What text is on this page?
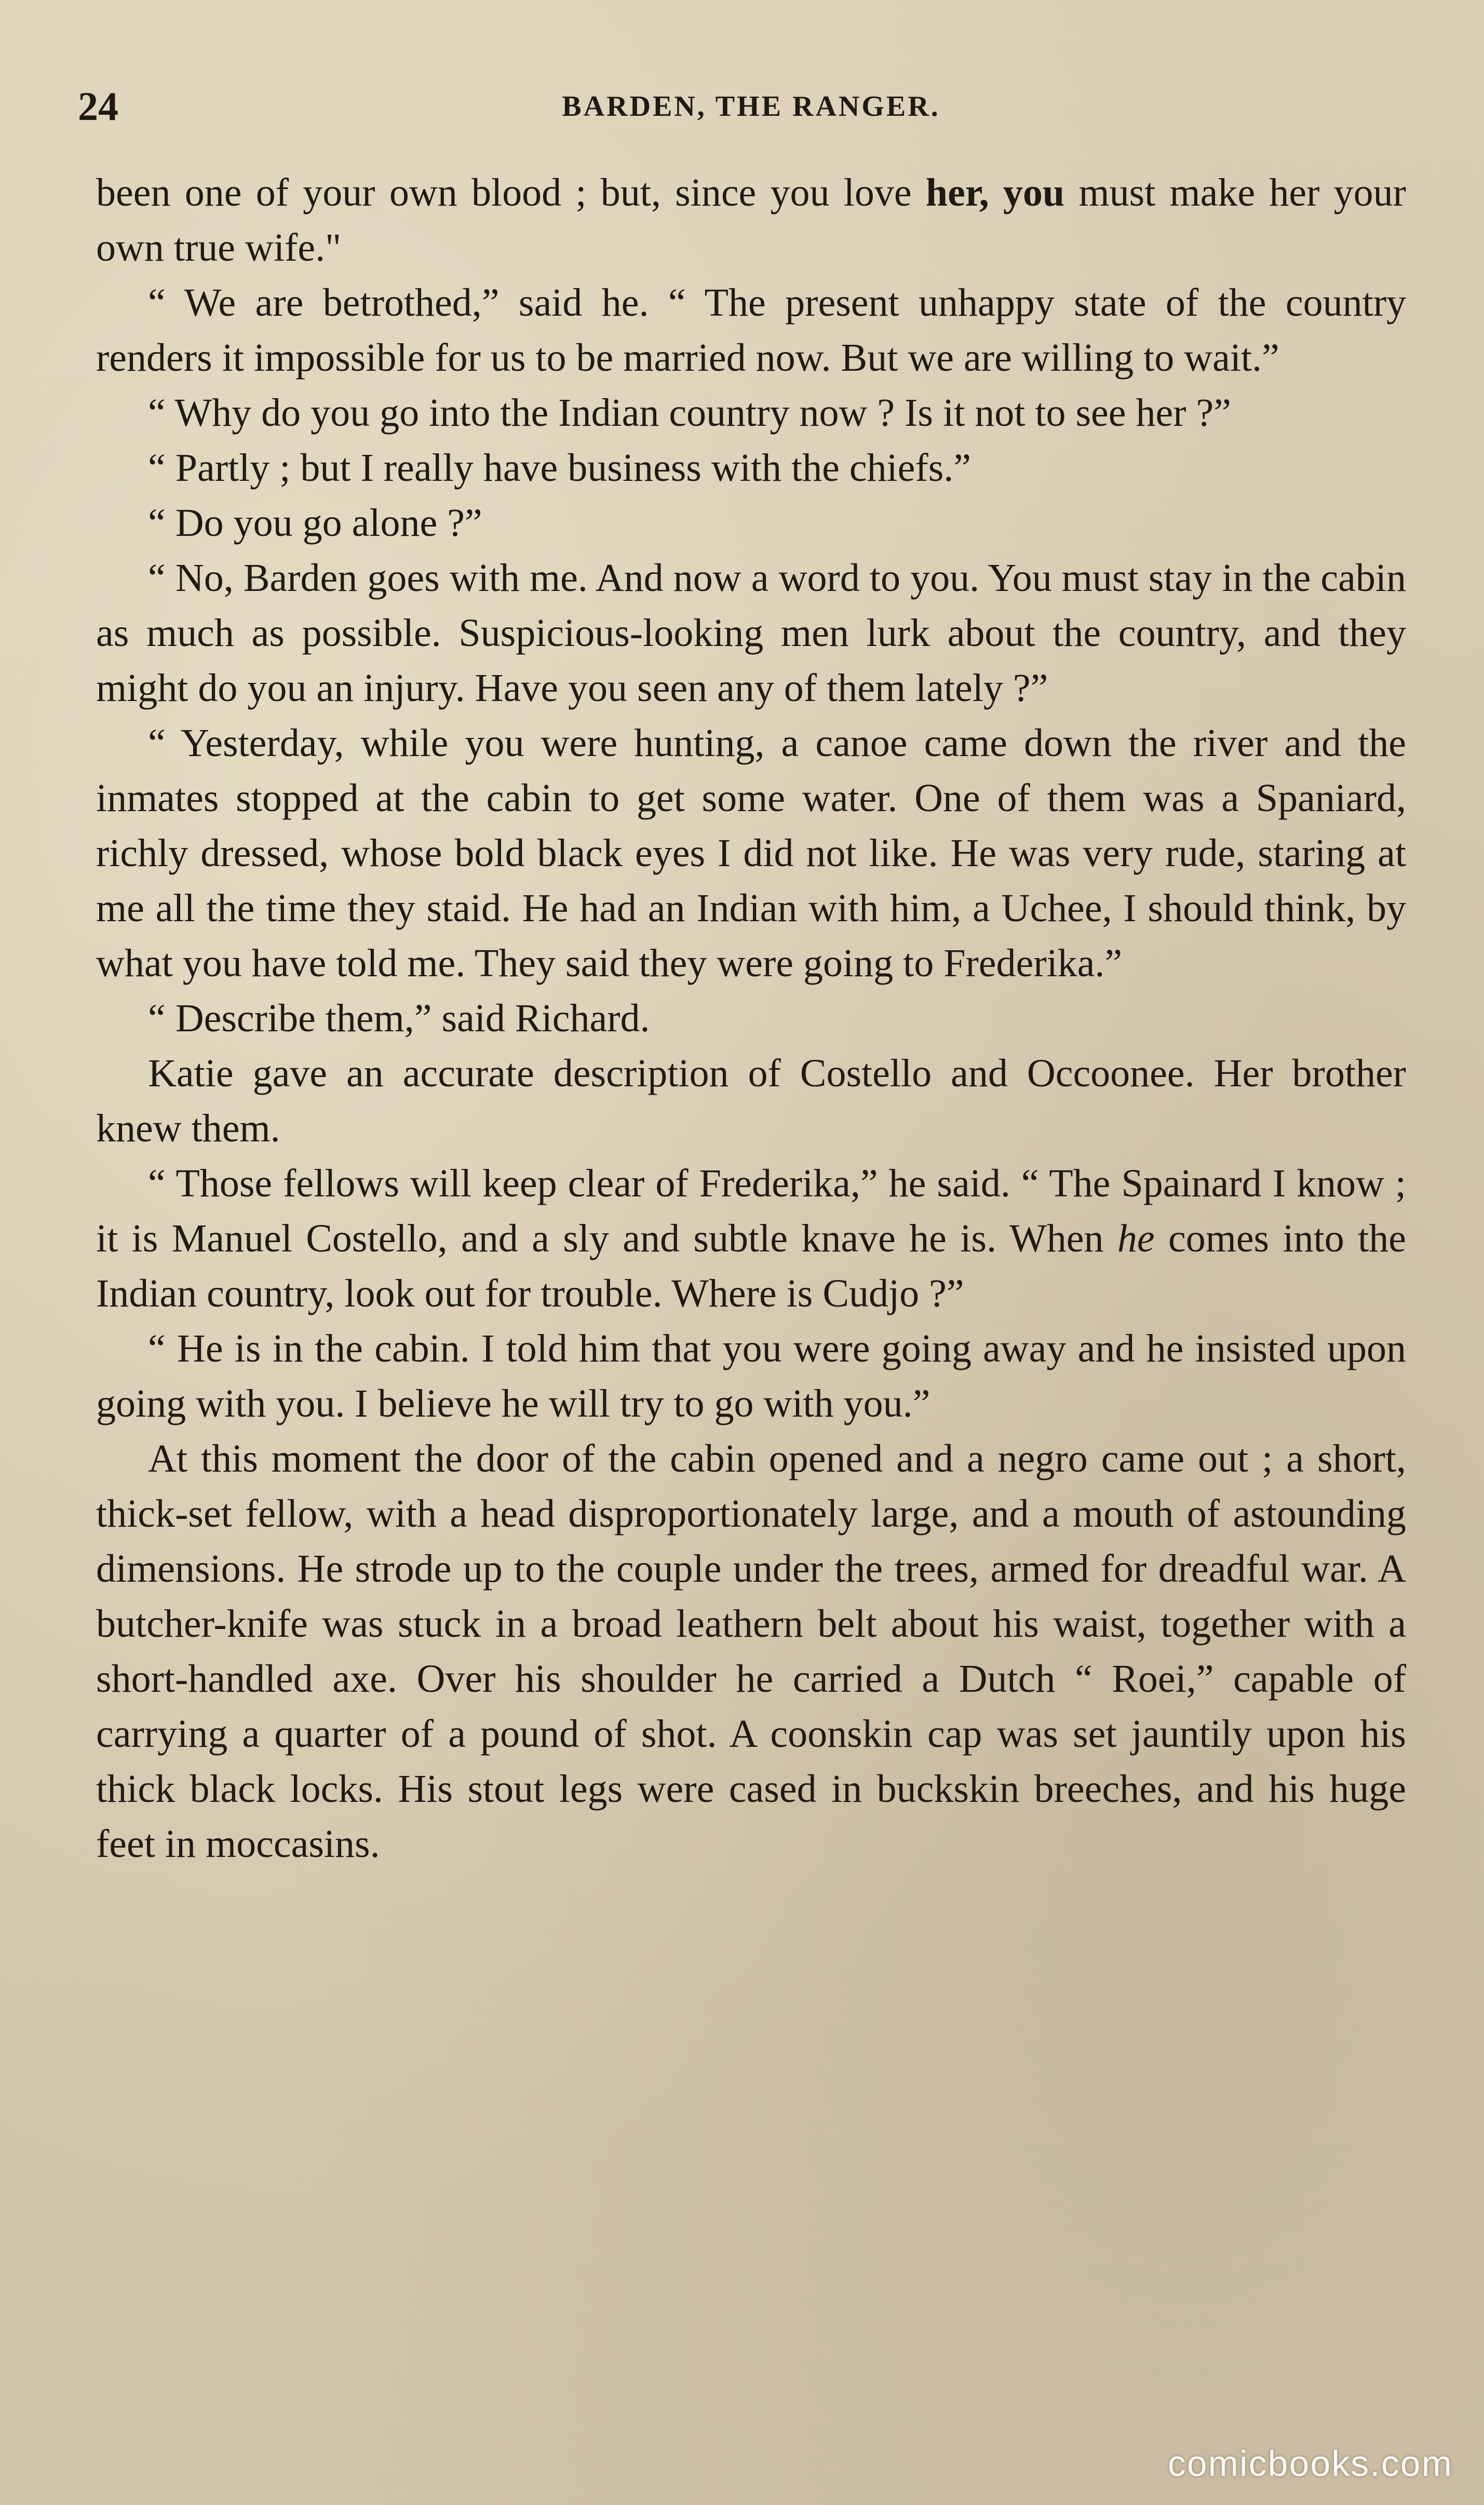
24	BARDEN, THE RANGER.

been one of your own blood ; but, since you love her, you must make her your own true wife."

“ We are betrothed,” said he. “ The present unhappy state of the country renders it impossible for us to be married now. But we are willing to wait.”

“ Why do you go into the Indian country now ? Is it not to see her ?”

“ Partly ; but I really have business with the chiefs.”

“ Do you go alone ?”

“ No, Barden goes with me. And now a word to you. You must stay in the cabin as much as possible. Suspicious-looking men lurk about the country, and they might do you an injury. Have you seen any of them lately ?”

“ Yesterday, while you were hunting, a canoe came down the river and the inmates stopped at the cabin to get some water. One of them was a Spaniard, richly dressed, whose bold black eyes I did not like. He was very rude, staring at me all the time they staid. He had an Indian with him, a Uchee, I should think, by what you have told me. They said they were going to Frederika.”

“ Describe them,” said Richard.

Katie gave an accurate description of Costello and Occoonee. Her brother knew them.

“ Those fellows will keep clear of Frederika,” he said. “ The Spainard I know ; it is Manuel Costello, and a sly and subtle knave he is. When he comes into the Indian country, look out for trouble. Where is Cudjo ?”

“ He is in the cabin. I told him that you were going away and he insisted upon going with you. I believe he will try to go with you.”

At this moment the door of the cabin opened and a negro came out ; a short, thick-set fellow, with a head disproportionately large, and a mouth of astounding dimensions. He strode up to the couple under the trees, armed for dreadful war. A butcher-knife was stuck in a broad leathern belt about his waist, together with a short-handled axe. Over his shoulder he carried a Dutch “ Roei,” capable of carrying a quarter of a pound of shot. A coonskin cap was set jauntily upon his thick black locks. His stout legs were cased in buckskin breeches, and his huge feet in moccasins.

comicbooks.com
